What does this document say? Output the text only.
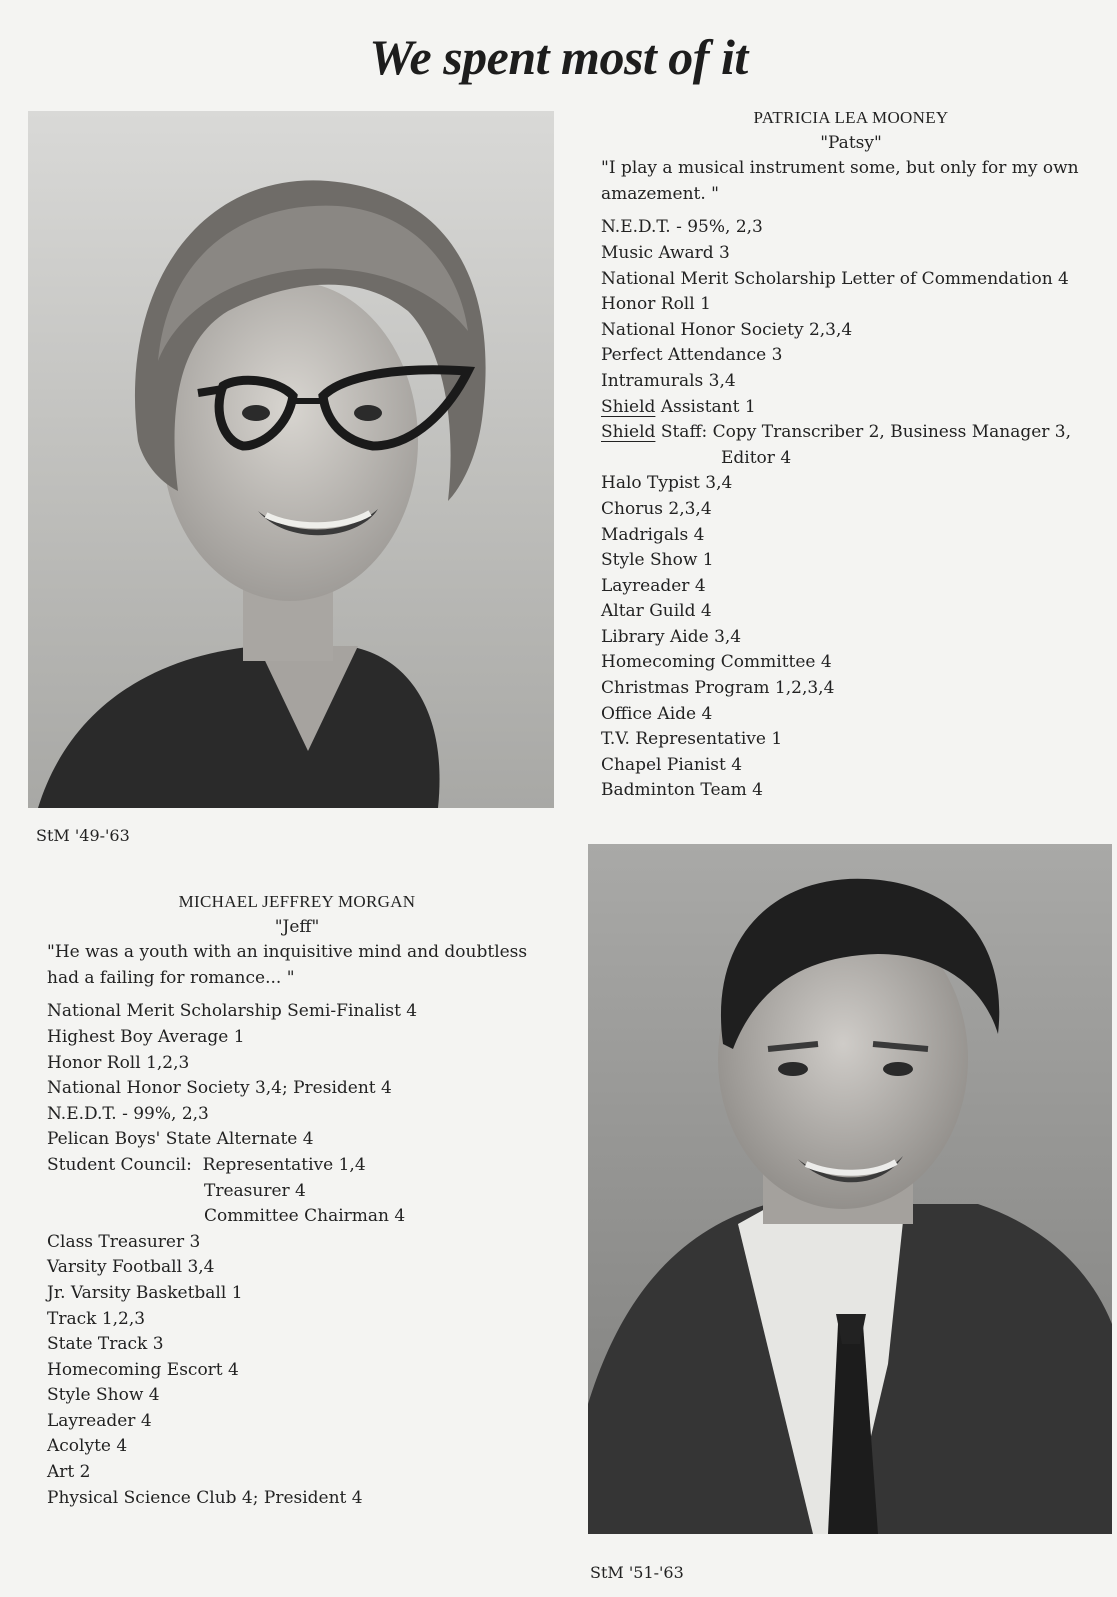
We spent most of it

PATRICIA LEA MOONEY

"Patsy"

"I play a musical instrument some, but only for my own amazement. "

N.E.D.T. - 95%, 2,3

Music Award 3

National Merit Scholarship Letter of Commendation 4

Honor Roll 1

National Honor Society 2,3,4

Perfect Attendance 3

Intramurals 3,4

Shield Assistant 1

Shield Staff: Copy Transcriber 2, Business Manager 3,

Editor 4

Halo Typist 3,4

Chorus 2,3,4

Madrigals 4

Style Show 1

Layreader 4

Altar Guild 4

Library Aide 3,4

Homecoming Committee 4

Christmas Program 1,2,3,4

Office Aide 4

T.V. Representative 1

Chapel Pianist 4

Badminton Team 4

StM '49-'63

MICHAEL JEFFREY MORGAN

"Jeff"

"He was a youth with an inquisitive mind and doubtless

had a failing for romance... "

National Merit Scholarship Semi-Finalist 4

Highest Boy Average 1

Honor Roll 1,2,3

National Honor Society 3,4; President 4

N.E.D.T. - 99%, 2,3

Pelican Boys' State Alternate 4

Student Council: Representative 1,4

Treasurer 4

Committee Chairman 4

Class Treasurer 3

Varsity Football 3,4

Jr. Varsity Basketball 1

Track 1,2,3

State Track 3

Homecoming Escort 4

Style Show 4

Layreader 4

Acolyte 4

Art 2

Physical Science Club 4; President 4

StM '51-'63
